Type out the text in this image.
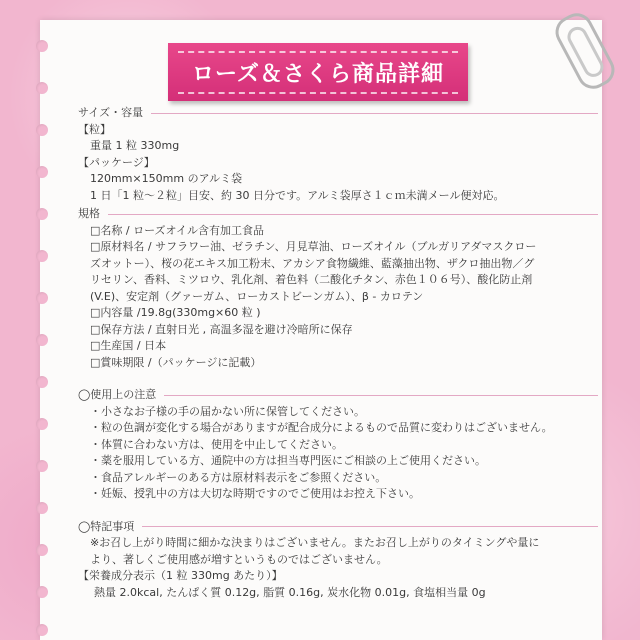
ローズ＆さくら商品詳細
サイズ・容量
【粒】
重量 1 粒 330mg
【パッケージ】
120mm×150mm のアルミ袋
1 日「1 粒～２粒」目安、約 30 日分です。アルミ袋厚さ１ｃｍ未満メール便対応。
規格
□名称 / ローズオイル含有加工食品
□原材料名 / サフラワー油、ゼラチン、月見草油、ローズオイル（ブルガリアダマスクロー
ズオットー）、桜の花エキス加工粉末、アカシア食物繊維、藍藻抽出物、ザクロ抽出物／グ
リセリン、香料、ミツロウ、乳化剤、着色料（二酸化チタン、赤色１０６号）、酸化防止剤
(V.E)、安定剤（グァーガム、ローカストビーンガム）、β - カロテン
□内容量 /19.8g(330mg×60 粒 )
□保存方法 / 直射日光 , 高温多湿を避け冷暗所に保存
□生産国 / 日本
□賞味期限 /（パッケージに記載）
◯使用上の注意
・小さなお子様の手の届かない所に保管してください。
・粒の色調が変化する場合がありますが配合成分によるもので品質に変わりはございません。
・体質に合わない方は、使用を中止してください。
・薬を服用している方、通院中の方は担当専門医にご相談の上ご使用ください。
・食品アレルギーのある方は原材料表示をご参照ください。
・妊娠、授乳中の方は大切な時期ですのでご使用はお控え下さい。
◯特記事項
※お召し上がり時間に細かな決まりはございません。またお召し上がりのタイミングや量に
より、著しくご使用感が増すというものではございません。
【栄養成分表示（1 粒 330mg あたり）】
熱量 2.0kcal, たんぱく質 0.12g, 脂質 0.16g, 炭水化物 0.01g, 食塩相当量 0g
